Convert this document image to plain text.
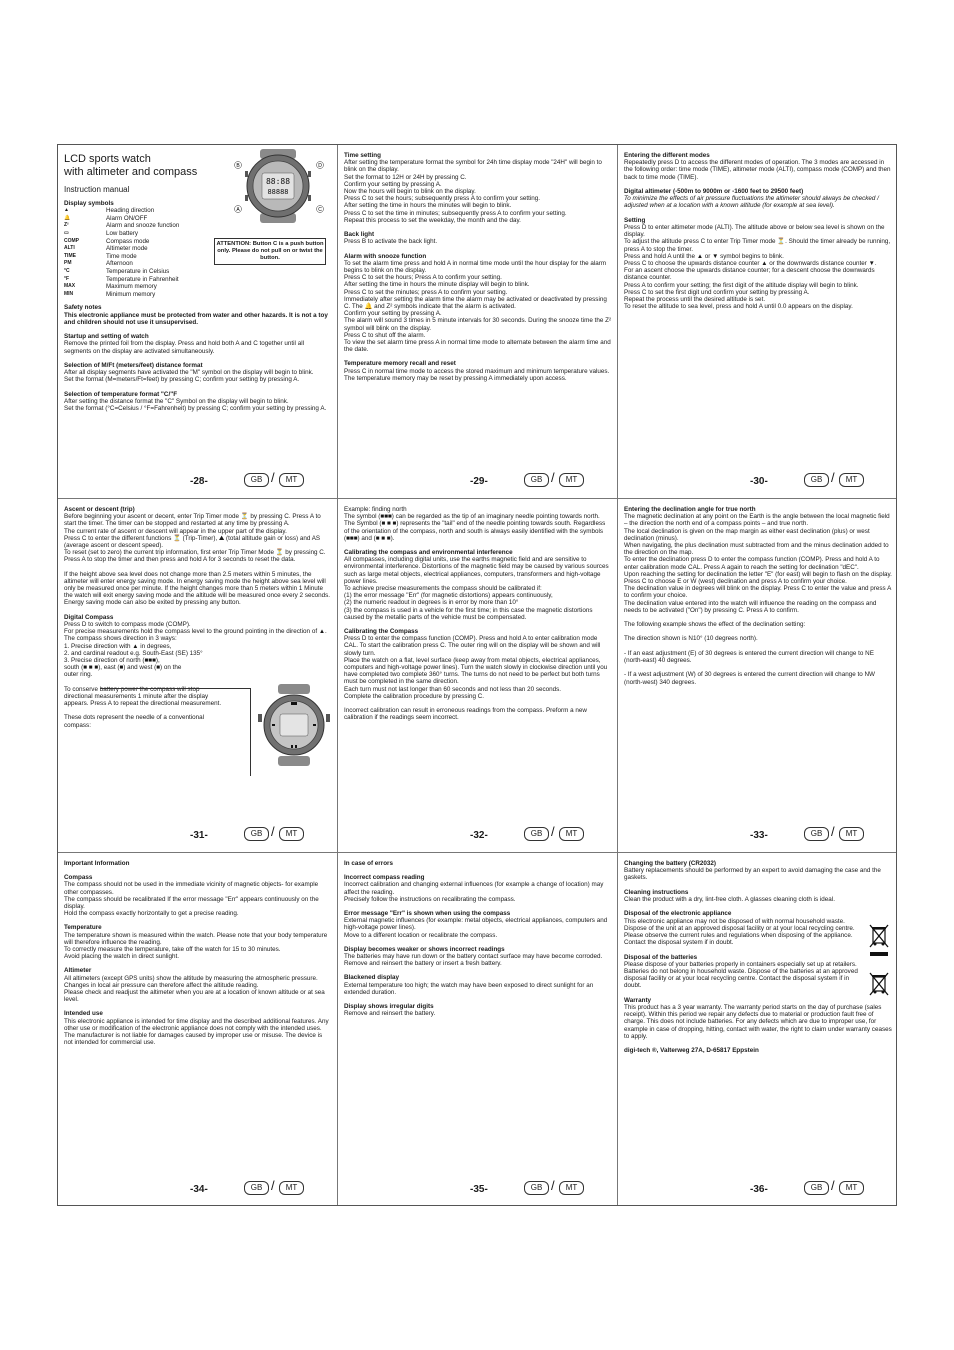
LCD sports watch
with altimeter and compass
Instruction manual

Display symbols

▲	Heading direction
🔔	Alarm ON/OFF
Z²	Alarm and snooze function
▭	Low battery
COMP	Compass mode
ALTI	Altimeter mode
TIME	Time mode
PM	Afternoon
°C	Temperature in Celsius
°F	Temperature in Fahrenheit
MAX	Maximum memory
MIN	Minimum memory

Safety notes

This electronic appliance must be protected from water and other hazards. It is not a toy and children should not use it unsupervised.

Startup and setting of watch

Remove the printed foil from the display. Press and hold both A and C together until all segments on the display are activated simultaneously.

Selection of M/Ft (meters/feet) distance format

After all display segments have activated the "M" symbol on the display will begin to blink.

Set the format (M=meters/Ft=feet) by pressing C; confirm your setting by pressing A.

Selection of temperature format "C/"F

After setting the distance format the "C" Symbol on the display will begin to blink.
Set the format (°C=Celsius / °F=Fahrenheit) by pressing C; confirm your setting by pressing A.
88:88
88888
B	D
A	C
ATTENTION: Button C is a push button only. Please do not pull on or twist the button.
-28-	GB /	MT

Time setting

After setting the temperature format the symbol for 24h time display mode "24H" will begin to blink on the display.
Set the format to 12H or 24H by pressing C.
Confirm your setting by pressing A.
Now the hours will begin to blink on the display.
Press C to set the hours; subsequently press A to confirm your setting.
After setting the time in hours the minutes will begin to blink.
Press C to set the time in minutes; subsequently press A to confirm your setting.
Repeat this process to set the weekday, the month and the day.

Back light

Press B to activate the back light.

Alarm with snooze function

To set the alarm time press and hold A in normal time mode until the hour display for the alarm begins to blink on the display.
Press C to set the hours; Press A to confirm your setting.
After setting the time in hours the minute display will begin to blink.
Press C to set the minutes; press A to confirm your setting.
Immediately after setting the alarm time the alarm may be activated or deactivated by pressing C. The 🔔 and Z² symbols indicate that the alarm is activated.
Confirm your setting by pressing A.
The alarm will sound 3 times in 5 minute intervals for 30 seconds. During the snooze time the Z² symbol will blink on the display.
Press C to shut off the alarm.
To view the set alarm time press A in normal time mode to alternate between the alarm time and the date.

Temperature memory recall and reset

Press C in normal time mode to access the stored maximum and minimum temperature values.
The temperature memory may be reset by pressing A immediately upon access.
-29-	GB /	MT

Entering the different modes

Repeatedly press D to access the different modes of operation. The 3 modes are accessed in the following order: time mode (TIME), altimeter mode (ALTI), compass mode (COMP) and then back to time mode (TIME).

Digital altimeter (-500m to 9000m or -1600 feet to 29500 feet)

To minimize the effects of air pressure fluctuations the altimeter should always be checked / adjusted when at a location with a known altitude (for example at sea level).

Setting

Press D to enter altimeter mode (ALTI). The altitude above or below sea level is shown on the display.
To adjust the altitude press C to enter Trip Timer mode ⏳. Should the timer already be running, press A to stop the timer.
Press and hold A until the ▲ or ▼ symbol begins to blink.
Press C to choose the upwards distance counter ▲ or the downwards distance counter ▼.
For an ascent choose the upwards distance counter; for a descent choose the downwards distance counter.
Press A to confirm your setting; the first digit of the altitude display will begin to blink.
Press C to set the first digit und confirm your setting by pressing A.
Repeat the process until the desired altitude is set.
To reset the altitude to sea level, press and hold A until 0.0 appears on the display.
-30-	GB /	MT

Ascent or descent (trip)

Before beginning your ascent or decent, enter Trip Timer mode ⏳ by pressing C. Press A to start the timer. The timer can be stopped and restarted at any time by pressing A.
The current rate of ascent or descent will appear in the upper part of the display.
Press C to enter the different functions ⏳ (Trip-Timer), ⛰ (total altitude gain or loss) and AS (average ascent or descent speed).
To reset (set to zero) the current trip information, first enter Trip Timer Mode ⏳ by pressing C.
Press A to stop the timer and then press and hold A for 3 seconds to reset the data.

If the height above sea level does not change more than 2.5 meters within 5 minutes, the altimeter will enter energy saving mode. In energy saving mode the height above sea level will only be measured once per minute. If the height changes more than 5 meters within 1 Minute the watch will exit energy saving mode and the altitude will be measured once every 2 seconds. Energy saving mode can also be exited by pressing any button.

Digital Compass

Press D to switch to compass mode (COMP).
For precise measurements hold the compass level to the ground pointing in the direction of ▲.
The compass shows direction in 3 ways:
1. Precise direction with ▲ in degrees,
2. and cardinal readout e.g. South-East (SE) 135°
3. Precise direction of north (■■■),
south (■ ■ ■), east (■) and west (■) on the
outer ring.

To conserve battery power the compass will stop directional measurements 1 minute after the display appears. Press A to repeat the directional measurement.

These dots represent the needle of a conventional compass:

-31-	GB /	MT
Example: finding north
The symbol (■■■) can be regarded as the tip of an imaginary needle pointing towards north. The Symbol (■ ■ ■) represents the "tail" end of the needle pointing towards south. Regardless of the orientation of the compass, north and south is always easily identified with the symbols (■■■) and (■ ■ ■).

Calibrating the compass and environmental interference

All compasses, including digital units, use the earths magnetic field and are sensitive to environmental interference. Distortions of the magnetic field may be caused by various sources such as large metal objects, electrical appliances, computers, transformers and high-voltage power lines.
To achieve precise measurements the compass should be calibrated if:
(1) the error message "Err" (for magnetic distortions) appears continuously,
(2) the numeric readout in degrees is in error by more than 10°
(3) the compass is used in a vehicle for the first time; in this case the magnetic distortions caused by the metallic parts of the vehicle must be compensated.

Calibrating the Compass

Press D to enter the compass function (COMP). Press and hold A to enter calibration mode CAL. To start the calibration press C. The outer ring will on the display will be shown and will slowly turn.
Place the watch on a flat, level surface (keep away from metal objects, electrical appliances, computers and high-voltage power lines). Turn the watch slowly in clockwise direction until you have completed two complete 360° turns. The turns do not need to be perfect but both turns must be completed in the same direction.
Each turn must not last longer than 60 seconds and not less than 20 seconds.
Complete the calibration procedure by pressing C.

Incorrect calibration can result in erroneous readings from the compass. Preform a new calibration if the readings seem incorrect.

-32-	GB /	MT

Entering the declination angle for true north

The magnetic declination at any point on the Earth is the angle between the local magnetic field – the direction the north end of a compass points – and true north.
The local declination is given on the map margin as either east declination (plus) or west declination (minus).
When navigating, the plus declination must subtracted from and the minus declination added to the direction on the map.
To enter the declination press D to enter the compass function (COMP). Press and hold A to enter calibration mode CAL. Press A again to reach the setting for declination "dEC".
Upon reaching the setting for declination the letter "E" (for east) will begin to flash on the display. Press C to choose E or W (west) declination and press A to confirm your choice.
The declination value in degrees will blink on the display. Press C to enter the value and press A to confirm your choice.
The declination value entered into the watch will influence the reading on the compass and needs to be activated ("On") by pressing C. Press A to confirm.

The following example shows the effect of the declination setting:

The direction shown is N10° (10 degrees north).

- If an east adjustment (E) of 30 degrees is entered the current direction will change to NE (north-east) 40 degrees.

- If a west adjustment (W) of 30 degrees is entered the current direction will change to NW (north-west) 340 degrees.

-33-	GB /	MT

Important Information

Compass

The compass should not be used in the immediate vicinity of magnetic objects- for example other compasses.
The compass should be recalibrated If the error message "Err" appears continuously on the display.
Hold the compass exactly horizontally to get a precise reading.

Temperature

The temperature shown is measured within the watch. Please note that your body temperature will therefore influence the reading.
To correctly measure the temperature, take off the watch for 15 to 30 minutes.
Avoid placing the watch in direct sunlight.

Altimeter

All altimeters (except GPS units) show the altitude by measuring the atmospheric pressure. Changes in local air pressure can therefore affect the altitude reading.
Please check and readjust the altimeter when you are at a location of known altitude or at sea level.

Intended use

This electronic appliance is intended for time display and the described additional features. Any other use or modification of the electronic appliance does not comply with the intended uses. The manufacturer is not liable for damages caused by improper use or misuse. The device is not intended for commercial use.

-34-	GB /	MT

In case of errors

Incorrect compass reading

Incorrect calibration and changing external influences (for example a change of location) may affect the reading.
Precisely follow the instructions on recalibrating the compass.

Error message "Err" is shown when using the compass

External magnetic influences (for example: metal objects, electrical appliances, computers and high-voltage power lines).
Move to a different location or recalibrate the compass.

Display becomes weaker or shows incorrect readings

The batteries may have run down or the battery contact surface may have become corroded.
Remove and reinsert the battery or insert a fresh battery.

Blackened display

External temperature too high; the watch may have been exposed to direct sunlight for an extended duration.

Display shows irregular digits

Remove and reinsert the battery.

-35-	GB /	MT

Changing the battery (CR2032)

Battery replacements should be performed by an expert to avoid damaging the case and the gaskets.

Cleaning instructions

Clean the product with a dry, lint-free cloth. A glasses cleaning cloth is ideal.

Disposal of the electronic appliance

This electronic appliance may not be disposed of with normal household waste. Dispose of the unit at an approved disposal facility or at your local recycling centre. Please observe the current rules and regulations when disposing of the appliance. Contact the disposal system if in doubt.

Disposal of the batteries

Please dispose of your batteries properly in containers especially set up at retailers. Batteries do not belong in household waste. Dispose of the batteries at an approved disposal facility or at your local recycling centre. Contact the disposal system if in doubt.

Warranty

This product has a 3 year warranty. The warranty period starts on the day of purchase (sales receipt). Within this period we repair any defects due to material or production fault free of charge. This does not include batteries. For any defects which are due to improper use, for example in case of dropping, hitting, contact with water, the right to claim under warranty ceases to apply.

digi-tech ®, Valterweg 27A, D-65817 Eppstein

-36-	GB /	MT
